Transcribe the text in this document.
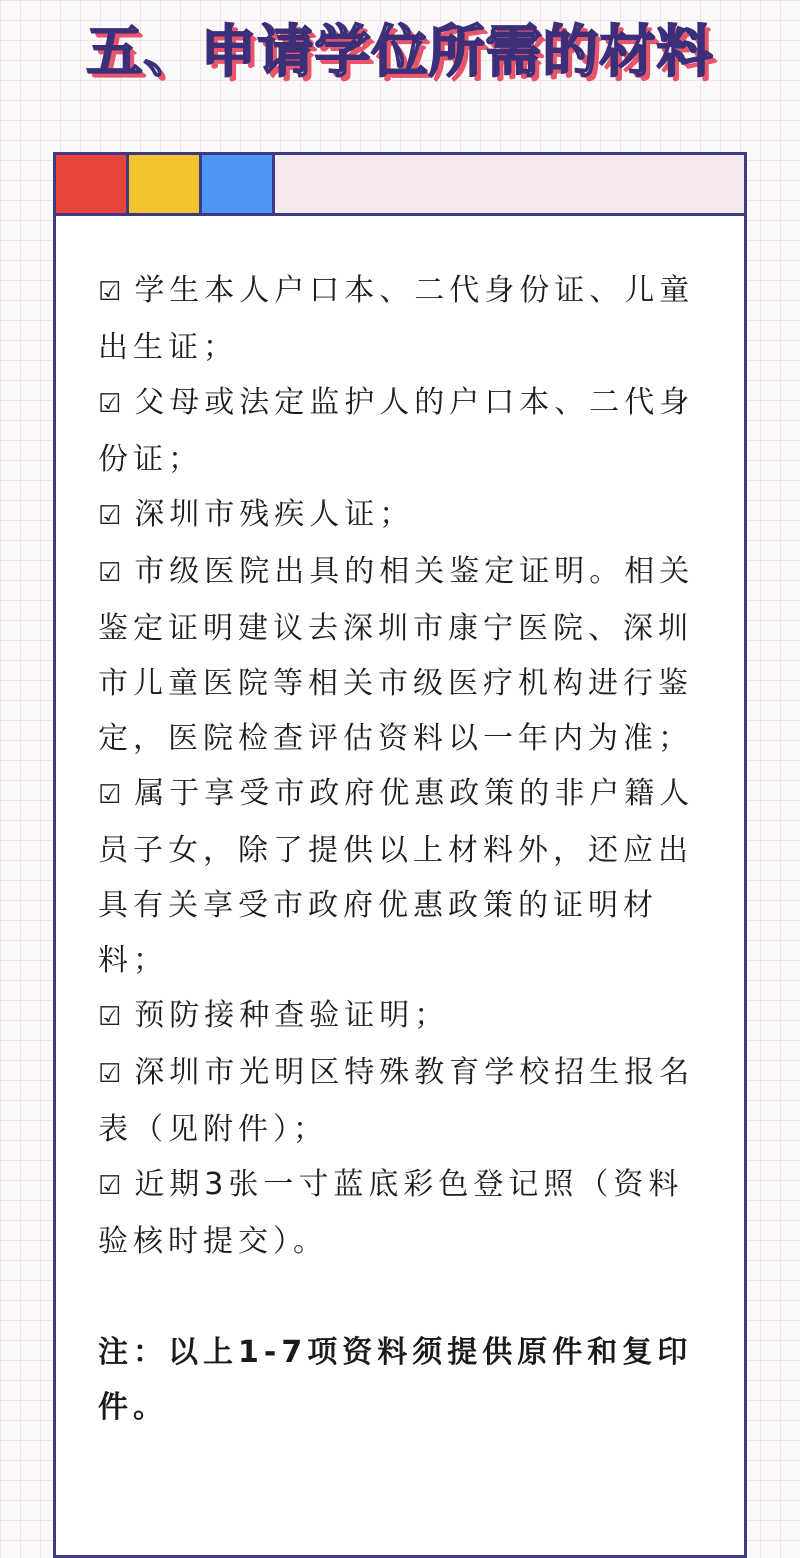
五、申请学位所需的材料

☑ 学生本人户口本、二代身份证、儿童出生证；

☑ 父母或法定监护人的户口本、二代身份证；

☑ 深圳市残疾人证；

☑ 市级医院出具的相关鉴定证明。相关鉴定证明建议去深圳市康宁医院、深圳市儿童医院等相关市级医疗机构进行鉴定，医院检查评估资料以一年内为准；

☑ 属于享受市政府优惠政策的非户籍人员子女，除了提供以上材料外，还应出具有关享受市政府优惠政策的证明材料；

☑ 预防接种查验证明；

☑ 深圳市光明区特殊教育学校招生报名表（见附件）；

☑ 近期3张一寸蓝底彩色登记照（资料验核时提交）。

注：以上1-7项资料须提供原件和复印件。
